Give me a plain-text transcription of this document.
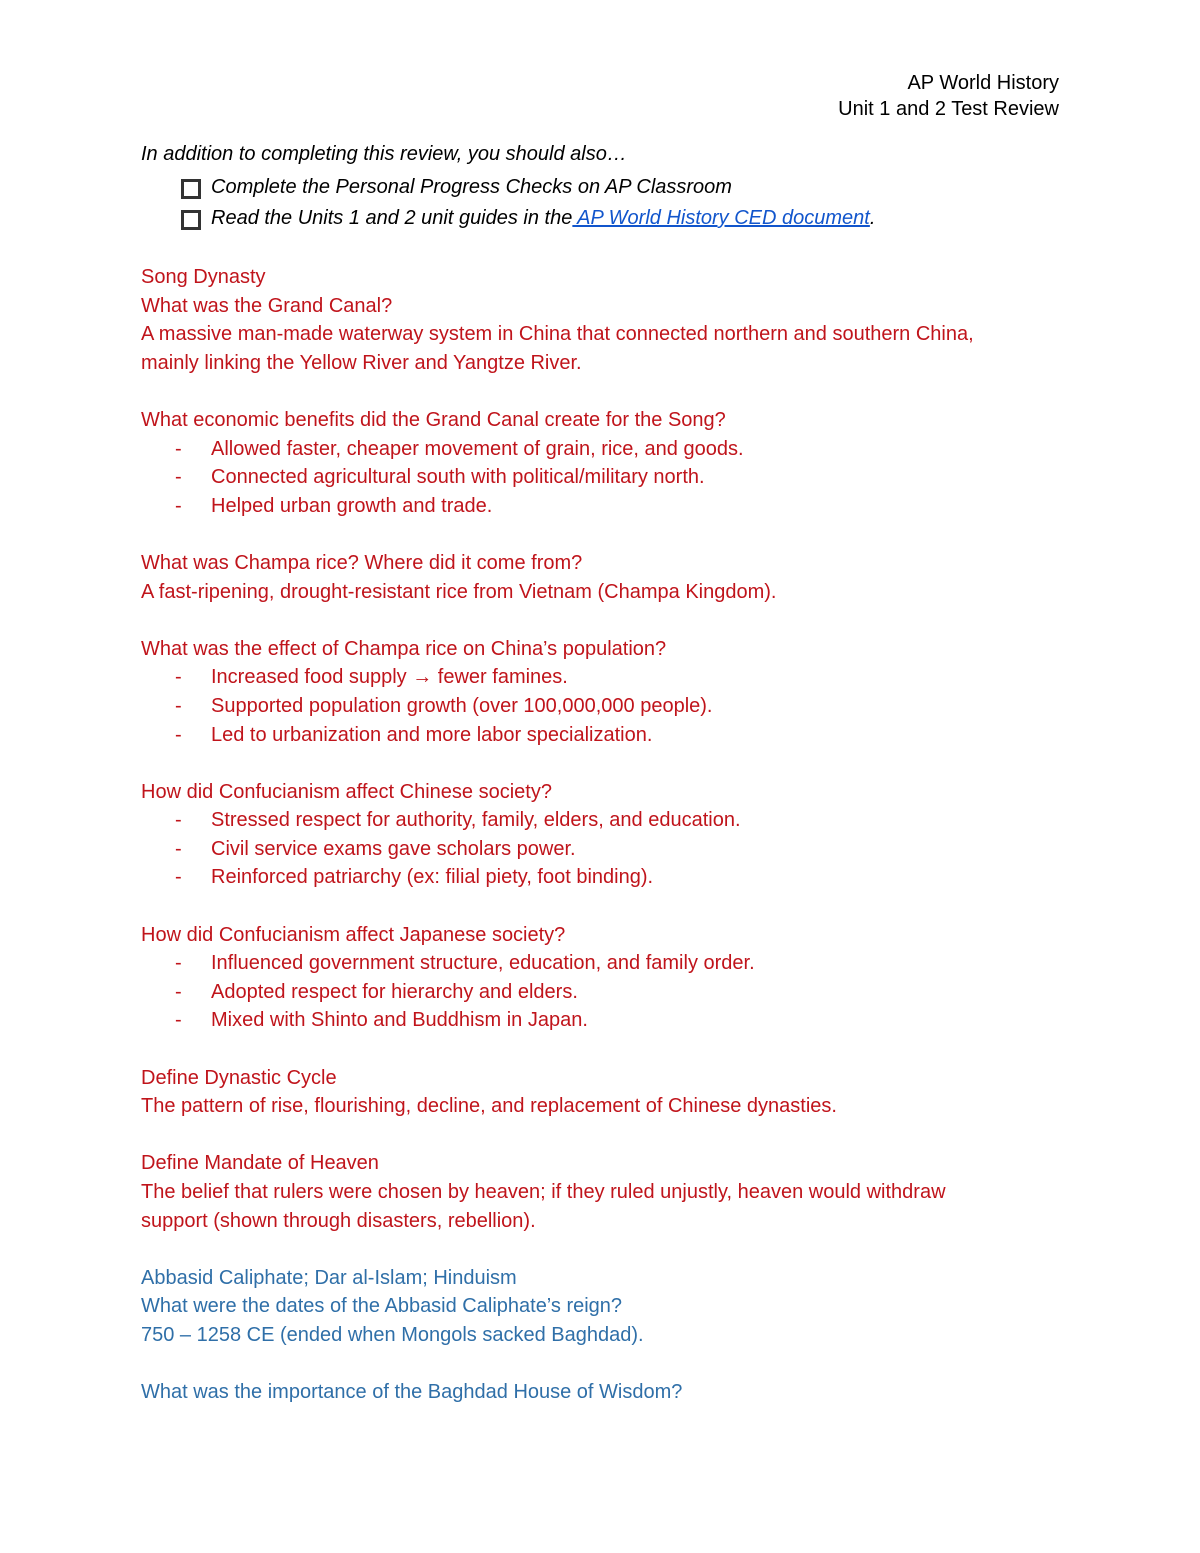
AP World History
Unit 1 and 2 Test Review
In addition to completing this review, you should also…
Complete the Personal Progress Checks on AP Classroom
Read the Units 1 and 2 unit guides in the AP World History CED document.

Song Dynasty

What was the Grand Canal?

A massive man-made waterway system in China that connected northern and southern China,

mainly linking the Yellow River and Yangtze River.

What economic benefits did the Grand Canal create for the Song?

- Allowed faster, cheaper movement of grain, rice, and goods.
- Connected agricultural south with political/military north.
- Helped urban growth and trade.

What was Champa rice? Where did it come from?

A fast-ripening, drought-resistant rice from Vietnam (Champa Kingdom).

What was the effect of Champa rice on China’s population?

- Increased food supply → fewer famines.
- Supported population growth (over 100,000,000 people).
- Led to urbanization and more labor specialization.

How did Confucianism affect Chinese society?

- Stressed respect for authority, family, elders, and education.
- Civil service exams gave scholars power.
- Reinforced patriarchy (ex: filial piety, foot binding).

How did Confucianism affect Japanese society?

- Influenced government structure, education, and family order.
- Adopted respect for hierarchy and elders.
- Mixed with Shinto and Buddhism in Japan.

Define Dynastic Cycle

The pattern of rise, flourishing, decline, and replacement of Chinese dynasties.

Define Mandate of Heaven

The belief that rulers were chosen by heaven; if they ruled unjustly, heaven would withdraw

support (shown through disasters, rebellion).

Abbasid Caliphate; Dar al-Islam; Hinduism

What were the dates of the Abbasid Caliphate’s reign?

750 – 1258 CE (ended when Mongols sacked Baghdad).

What was the importance of the Baghdad House of Wisdom?
